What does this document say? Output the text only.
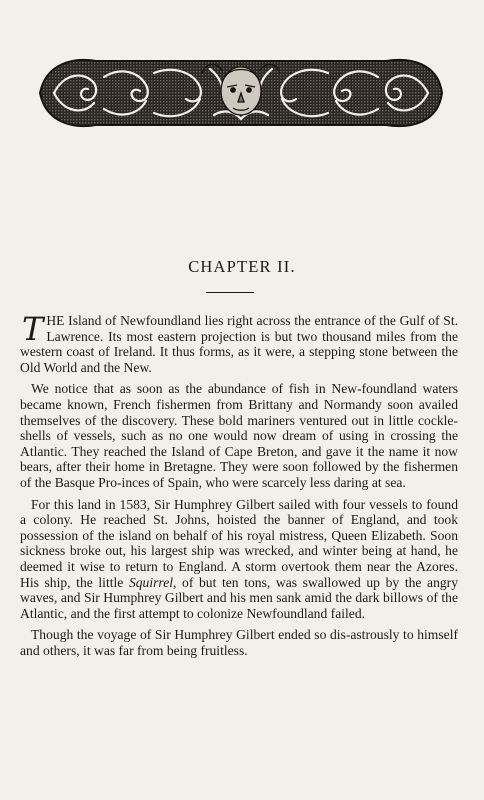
CHAPTER II.

T HE Island of Newfoundland lies right across the entrance of the Gulf of St. Lawrence. Its most eastern projection is but two thousand miles from the western coast of Ireland. It thus forms, as it were, a stepping stone between the Old World and the New.

We notice that as soon as the abundance of fish in New-foundland waters became known, French fishermen from Brittany and Normandy soon availed themselves of the discovery. These bold mariners ventured out in little cockle-shells of vessels, such as no one would now dream of using in crossing the Atlantic. They reached the Island of Cape Breton, and gave it the name it now bears, after their home in Bretagne. They were soon followed by the fishermen of the Basque Pro-inces of Spain, who were scarcely less daring at sea.

For this land in 1583, Sir Humphrey Gilbert sailed with four vessels to found a colony. He reached St. Johns, hoisted the banner of England, and took possession of the island on behalf of his royal mistress, Queen Elizabeth. Soon sickness broke out, his largest ship was wrecked, and winter being at hand, he deemed it wise to return to England. A storm overtook them near the Azores. His ship, the little Squirrel, of but ten tons, was swallowed up by the angry waves, and Sir Humphrey Gilbert and his men sank amid the dark billows of the Atlantic, and the first attempt to colonize Newfoundland failed.

Though the voyage of Sir Humphrey Gilbert ended so dis-astrously to himself and others, it was far from being fruitless.
